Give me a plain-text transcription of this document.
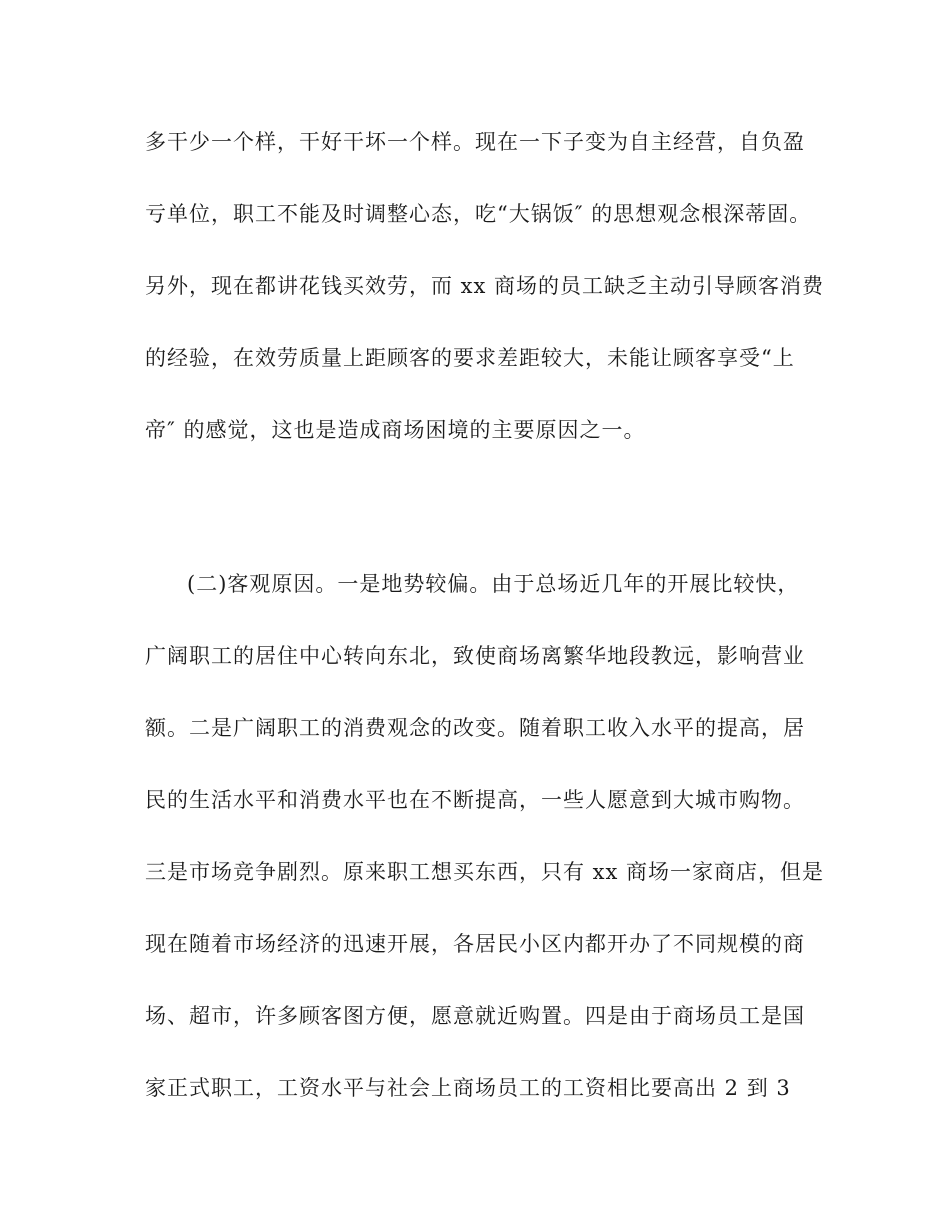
多干少一个样，干好干坏一个样。现在一下子变为自主经营，自负盈
亏单位，职工不能及时调整心态，吃“大锅饭″ 的思想观念根深蒂固。
另外，现在都讲花钱买效劳，而 xx 商场的员工缺乏主动引导顾客消费
的经验，在效劳质量上距顾客的要求差距较大，未能让顾客享受“上
帝″ 的感觉，这也是造成商场困境的主要原因之一。
(二)客观原因。一是地势较偏。由于总场近几年的开展比较快，
广阔职工的居住中心转向东北，致使商场离繁华地段教远，影响营业
额。二是广阔职工的消费观念的改变。随着职工收入水平的提高，居
民的生活水平和消费水平也在不断提高，一些人愿意到大城市购物。
三是市场竞争剧烈。原来职工想买东西，只有 xx 商场一家商店，但是
现在随着市场经济的迅速开展，各居民小区内都开办了不同规模的商
场、超市，许多顾客图方便，愿意就近购置。四是由于商场员工是国
家正式职工，工资水平与社会上商场员工的工资相比要高出 2 到 3
